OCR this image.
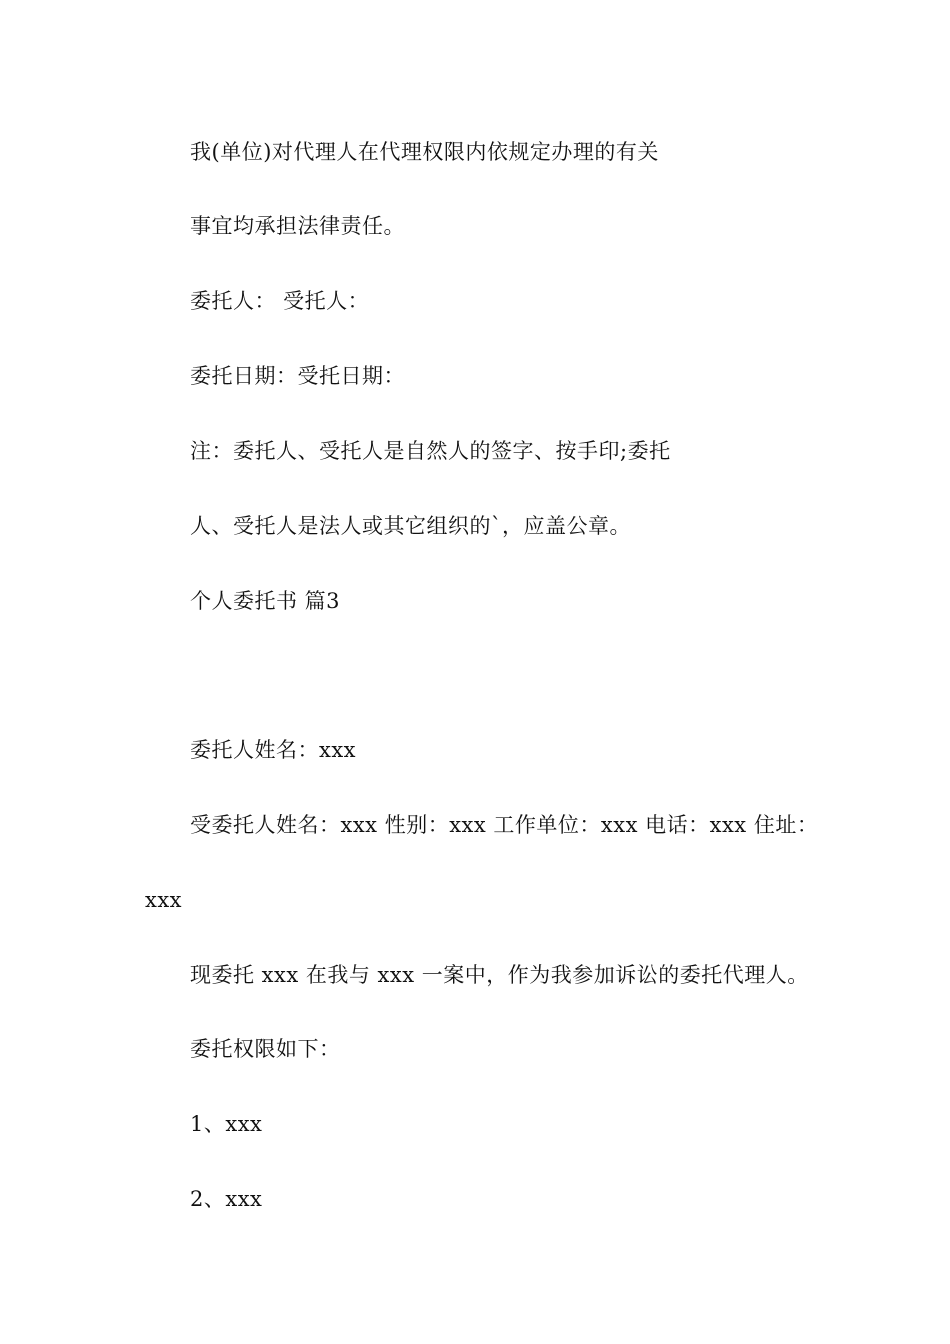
我(单位)对代理人在代理权限内依规定办理的有关

事宜均承担法律责任。

委托人： 受托人：

委托日期：受托日期：

注：委托人、受托人是自然人的签字、按手印;委托

人、受托人是法人或其它组织的`，应盖公章。

个人委托书 篇3

委托人姓名：xxx

受委托人姓名：xxx 性别：xxx 工作单位：xxx 电话：xxx 住址：

xxx

现委托 xxx 在我与 xxx 一案中，作为我参加诉讼的委托代理人。

委托权限如下：

1、xxx

2、xxx
